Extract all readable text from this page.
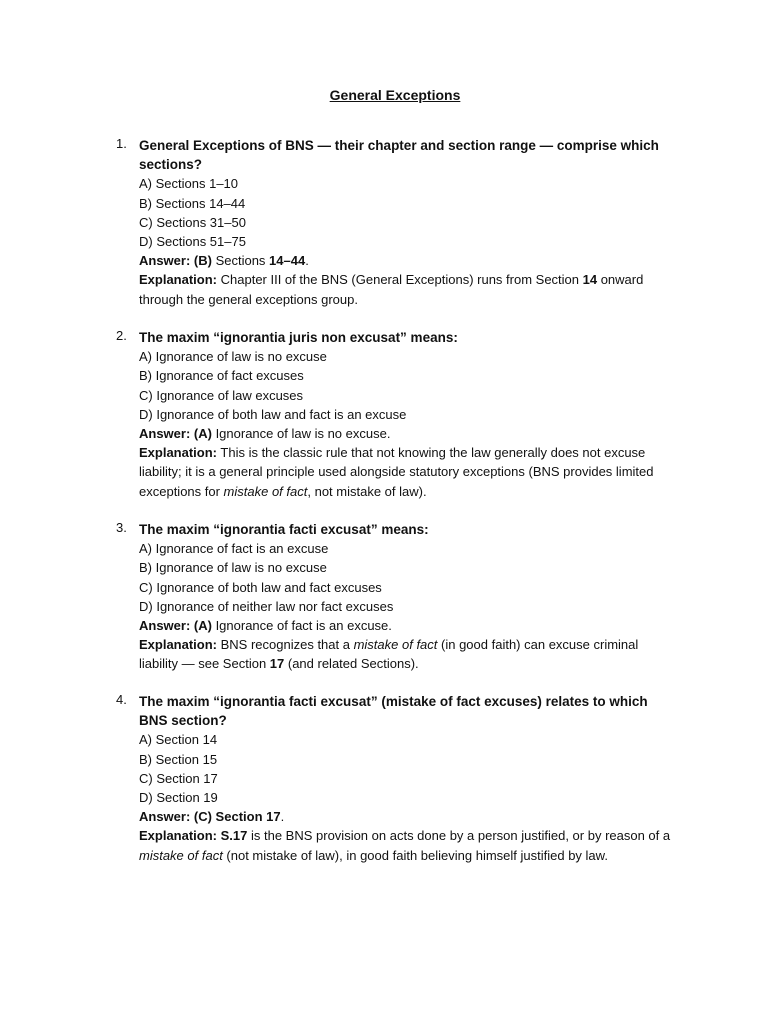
General Exceptions
1. General Exceptions of BNS — their chapter and section range — comprise which sections?
A) Sections 1–10
B) Sections 14–44
C) Sections 31–50
D) Sections 51–75
Answer: (B) Sections 14–44.
Explanation: Chapter III of the BNS (General Exceptions) runs from Section 14 onward through the general exceptions group.
2. The maxim “ignorantia juris non excusat” means:
A) Ignorance of law is no excuse
B) Ignorance of fact excuses
C) Ignorance of law excuses
D) Ignorance of both law and fact is an excuse
Answer: (A) Ignorance of law is no excuse.
Explanation: This is the classic rule that not knowing the law generally does not excuse liability; it is a general principle used alongside statutory exceptions (BNS provides limited exceptions for mistake of fact, not mistake of law).
3. The maxim “ignorantia facti excusat” means:
A) Ignorance of fact is an excuse
B) Ignorance of law is no excuse
C) Ignorance of both law and fact excuses
D) Ignorance of neither law nor fact excuses
Answer: (A) Ignorance of fact is an excuse.
Explanation: BNS recognizes that a mistake of fact (in good faith) can excuse criminal liability — see Section 17 (and related Sections).
4. The maxim “ignorantia facti excusat” (mistake of fact excuses) relates to which BNS section?
A) Section 14
B) Section 15
C) Section 17
D) Section 19
Answer: (C) Section 17.
Explanation: S.17 is the BNS provision on acts done by a person justified, or by reason of a mistake of fact (not mistake of law), in good faith believing himself justified by law.
